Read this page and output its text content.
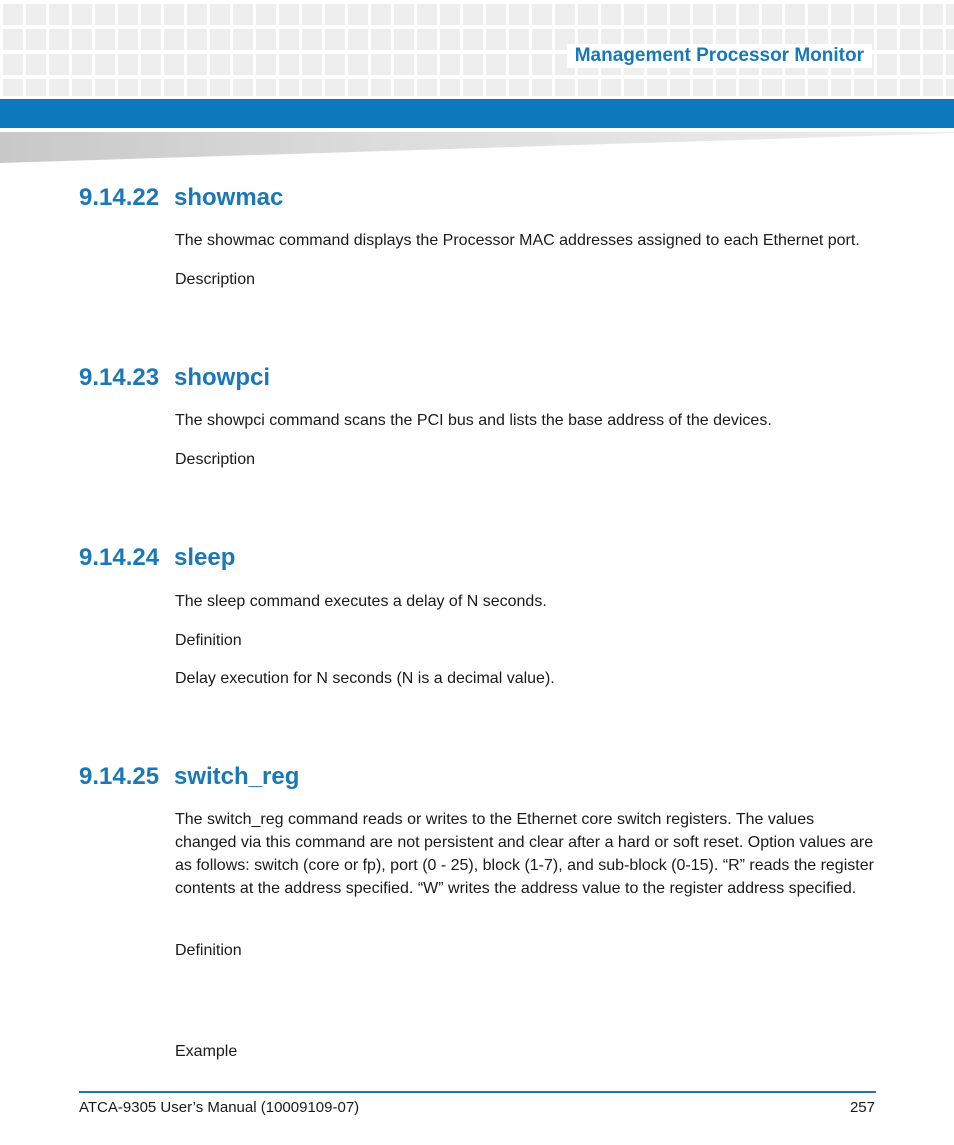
Management Processor Monitor
9.14.22 showmac

The showmac command displays the Processor MAC addresses assigned to each Ethernet port.

Description

9.14.23 showpci

The showpci command scans the PCI bus and lists the base address of the devices.

Description

9.14.24 sleep

The sleep command executes a delay of N seconds.

Definition

Delay execution for N seconds (N is a decimal value).

9.14.25 switch_reg

The switch_reg command reads or writes to the Ethernet core switch registers. The values changed via this command are not persistent and clear after a hard or soft reset. Option values are as follows: switch (core or fp), port (0 - 25), block (1-7), and sub-block (0-15). “R” reads the register contents at the address specified. “W” writes the address value to the register address specified.

Definition

Example

ATCA-9305 User’s Manual (10009109-07)	257
